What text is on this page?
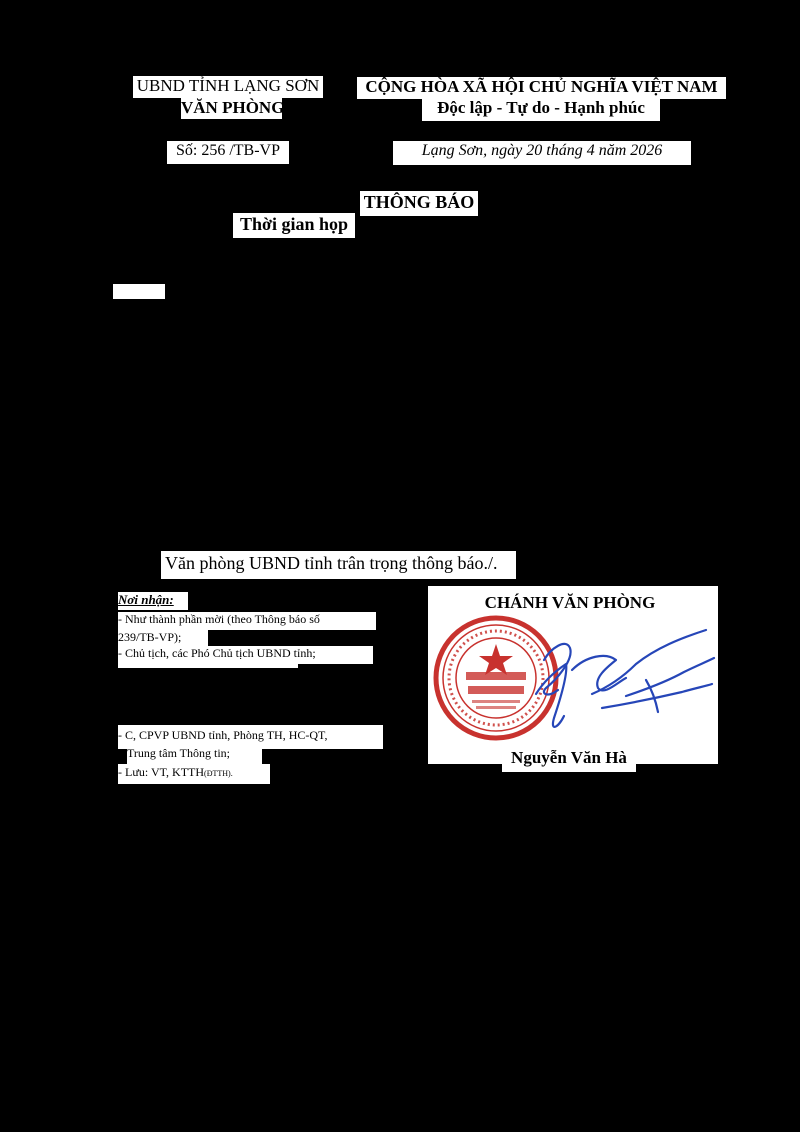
UBND TỈNH LẠNG SƠN
VĂN PHÒNG
CỘNG HÒA XÃ HỘI CHỦ NGHĨA VIỆT NAM
Độc lập - Tự do - Hạnh phúc
Số: 256 /TB-VP	Lạng Sơn, ngày 20 tháng 4 năm 2026
THÔNG BÁO
Thời gian họp
Văn phòng UBND tỉnh trân trọng thông báo./.
Nơi nhận:
- Như thành phần mời (theo Thông báo số
239/TB-VP);
- Chủ tịch, các Phó Chủ tịch UBND tỉnh;
- C, CPVP UBND tỉnh, Phòng TH, HC-QT,
Trung tâm Thông tin;
- Lưu: VT, KTTH(ĐTTH).
CHÁNH VĂN PHÒNG
Nguyễn Văn Hà
